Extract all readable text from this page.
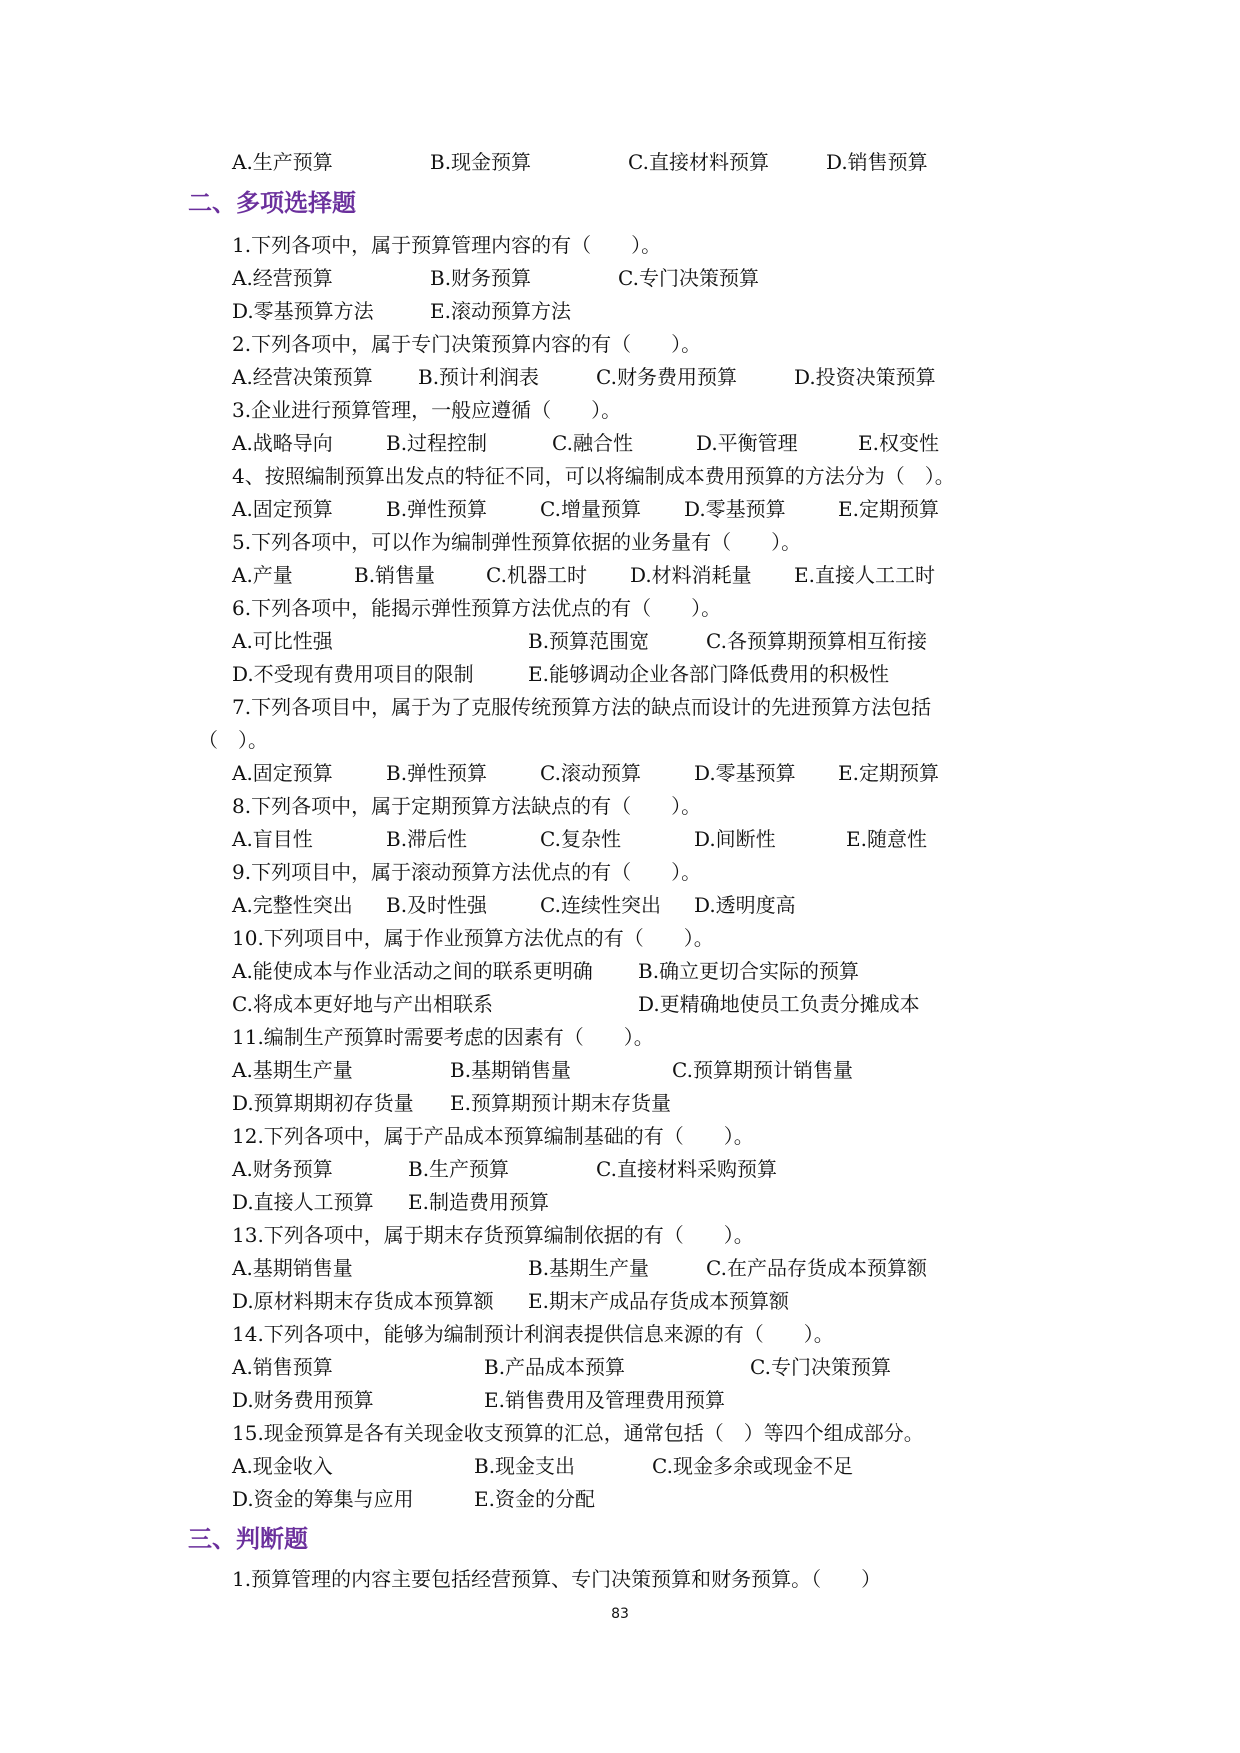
A.生产预算	B.现金预算	C.直接材料预算	D.销售预算
二、多项选择题
1.下列各项中，属于预算管理内容的有（　　）。
A.经营预算	B.财务预算	C.专门决策预算
D.零基预算方法	E.滚动预算方法
2.下列各项中，属于专门决策预算内容的有（　　）。
A.经营决策预算 B.预计利润表	C.财务费用预算	D.投资决策预算
3.企业进行预算管理，一般应遵循（　　）。
A.战略导向	B.过程控制	C.融合性	D.平衡管理	E.权变性
4、按照编制预算出发点的特征不同，可以将编制成本费用预算的方法分为（　）。
A.固定预算	B.弹性预算	C.增量预算 D.零基预算	E.定期预算
5.下列各项中，可以作为编制弹性预算依据的业务量有（　　）。
A.产量	B.销售量	C.机器工时 D.材料消耗量 E.直接人工工时
6.下列各项中，能揭示弹性预算方法优点的有（　　）。
A.可比性强	B.预算范围宽	C.各预算期预算相互衔接
D.不受现有费用项目的限制	E.能够调动企业各部门降低费用的积极性
7.下列各项目中，属于为了克服传统预算方法的缺点而设计的先进预算方法包括
（　）。
A.固定预算	B.弹性预算	C.滚动预算	D.零基预算 E.定期预算
8.下列各项中，属于定期预算方法缺点的有（　　）。
A.盲目性	B.滞后性	C.复杂性	D.间断性	E.随意性
9.下列项目中，属于滚动预算方法优点的有（　　）。
A.完整性突出 B.及时性强	C.连续性突出 D.透明度高
10.下列项目中，属于作业预算方法优点的有（　　）。
A.能使成本与作业活动之间的联系更明确 B.确立更切合实际的预算
C.将成本更好地与产出相联系	D.更精确地使员工负责分摊成本
11.编制生产预算时需要考虑的因素有（　　）。
A.基期生产量	B.基期销售量	C.预算期预计销售量
D.预算期期初存货量 E.预算期预计期末存货量
12.下列各项中，属于产品成本预算编制基础的有（　　）。
A.财务预算	B.生产预算	C.直接材料采购预算
D.直接人工预算 E.制造费用预算
13.下列各项中，属于期末存货预算编制依据的有（　　）。
A.基期销售量	B.基期生产量	C.在产品存货成本预算额
D.原材料期末存货成本预算额 E.期末产成品存货成本预算额
14.下列各项中，能够为编制预计利润表提供信息来源的有（　　）。
A.销售预算	B.产品成本预算	C.专门决策预算
D.财务费用预算	E.销售费用及管理费用预算
15.现金预算是各有关现金收支预算的汇总，通常包括（　）等四个组成部分。
A.现金收入	B.现金支出	C.现金多余或现金不足
D.资金的筹集与应用	E.资金的分配
三、判断题
1.预算管理的内容主要包括经营预算、专门决策预算和财务预算。（　　）
83
